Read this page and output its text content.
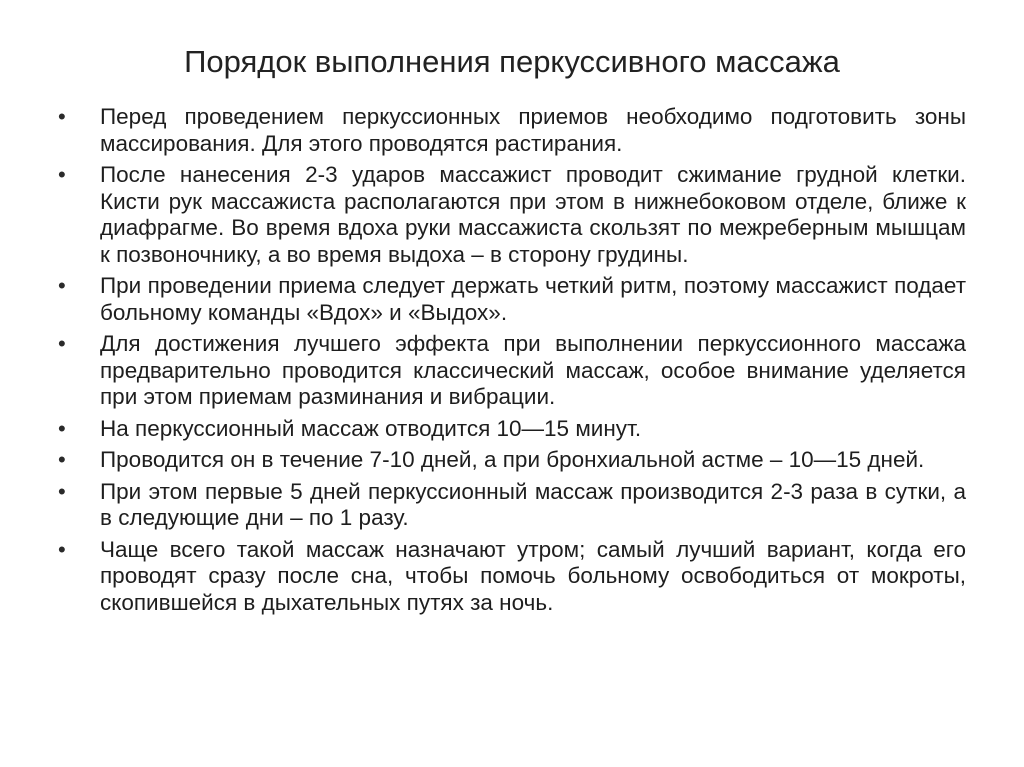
Порядок выполнения перкуссивного массажа
•	Перед проведением перкуссионных приемов необходимо подготовить зоны массирования. Для этого проводятся растирания.
•	После нанесения 2-3 ударов массажист проводит сжимание грудной клетки. Кисти рук массажиста располагаются при этом в нижнебоковом отделе, ближе к диафрагме. Во время вдоха руки массажиста скользят по межреберным мышцам к позвоночнику, а во время выдоха – в сторону грудины.
•	При проведении приема следует держать четкий ритм, поэтому массажист подает больному команды «Вдох» и «Выдох».
•	Для достижения лучшего эффекта при выполнении перкуссионного массажа предварительно проводится классический массаж, особое внимание уделяется при этом приемам разминания и вибрации.
•	На перкуссионный массаж отводится 10—15 минут.
•	Проводится он в течение 7-10 дней, а при бронхиальной астме – 10—15 дней.
•	При этом первые 5 дней перкуссионный массаж производится 2-3 раза в сутки, а в следующие дни – по 1 разу.
•	Чаще всего такой массаж назначают утром; самый лучший вариант, когда его проводят сразу после сна, чтобы помочь больному освободиться от мокроты, скопившейся в дыхательных путях за ночь.
